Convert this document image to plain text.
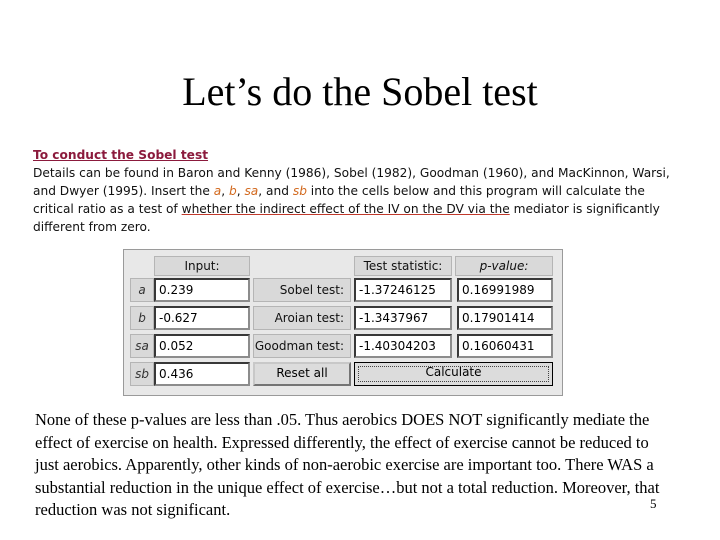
Let’s do the Sobel test
To conduct the Sobel test
Details can be found in Baron and Kenny (1986), Sobel (1982), Goodman (1960), and MacKinnon, Warsi, and Dwyer (1995). Insert the a, b, sa, and sb into the cells below and this program will calculate the critical ratio as a test of whether the indirect effect of the IV on the DV via the mediator is significantly different from zero.
Input:	Test statistic:	p-value:
a	0.239	Sobel test:	-1.37246125	0.16991989
b	-0.627	Aroian test:	-1.3437967	0.17901414
sa 0.052	Goodman test:	-1.40304203	0.16060431
sb 0.436	Reset all	Calculate
None of these p-values are less than .05. Thus aerobics DOES NOT significantly mediate the effect of exercise on health. Expressed differently, the effect of exercise cannot be reduced to just aerobics. Apparently, other kinds of non-aerobic exercise are important too. There WAS a substantial reduction in the unique effect of exercise…but not a total reduction. Moreover, that reduction was not significant.	5
